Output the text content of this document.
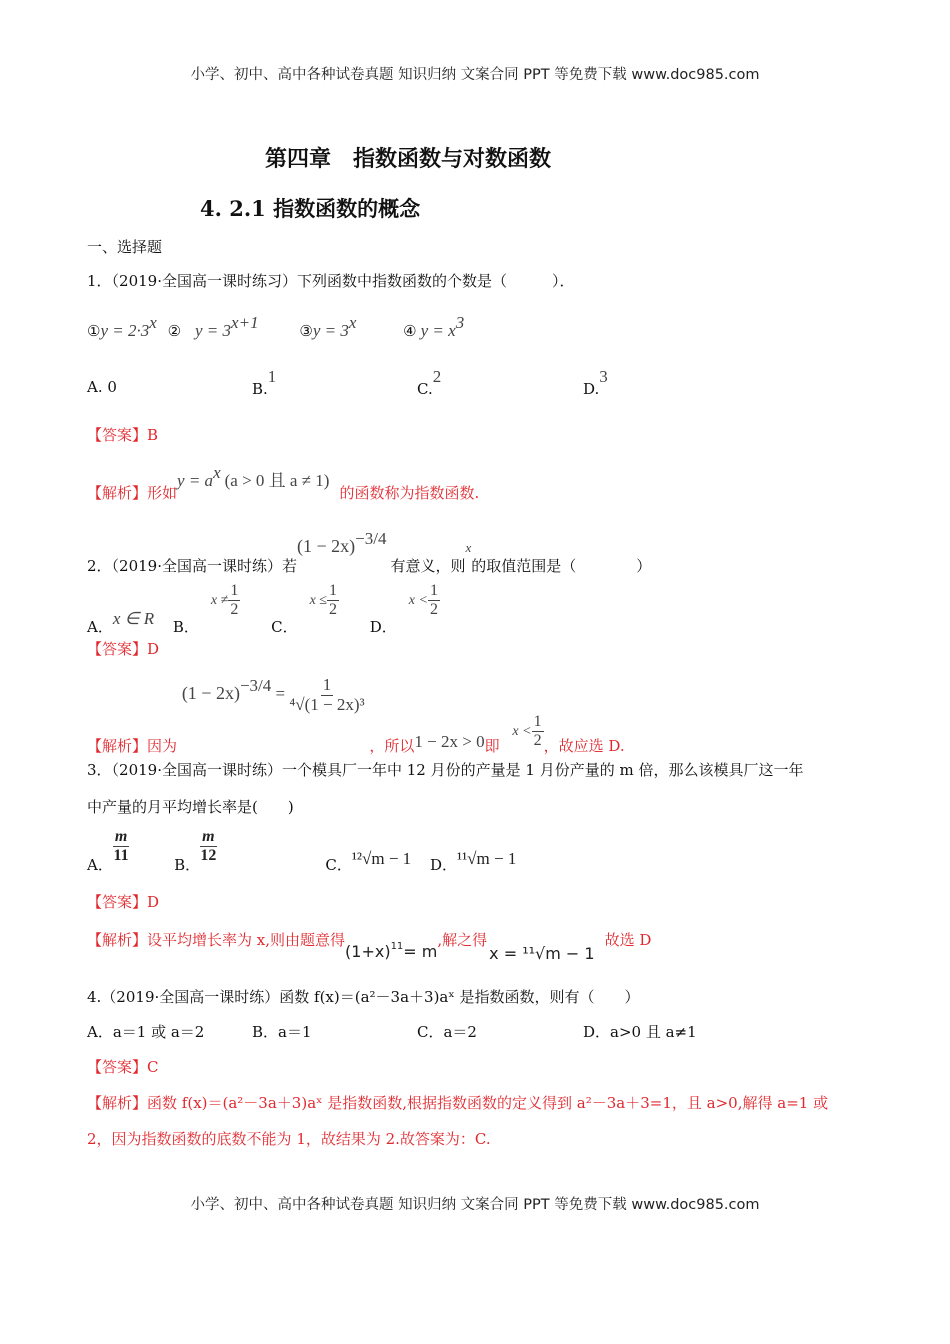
小学、初中、高中各种试卷真题 知识归纳 文案合同 PPT 等免费下载 www.doc985.com
第四章　指数函数与对数函数
4. 2.1 指数函数的概念
一、选择题
1．（2019·全国高一课时练习）下列函数中指数函数的个数是（　　　）．
①y = $2\cdot 3^x$ ② $y = 3^{x+1}$	③y = $3^x$	④ $y = x^3$
A. 0	B.1
C.2
D.3
【答案】B
【解析】形如$y = a^x$ (a > 0 且 a ≠ 1)的函数称为指数函数.
2．（2019·全国高一课时练）若$(1 - 2x)^{-3/4}$有意义，则x的取值范围是（　　　　）
A．x ∈ R B．$x \ne \frac{1}{2}$
C．$x \le \frac{1}{2}$
D．$x < \frac{1}{2}$
【答案】D
【解析】因为 $(1 - 2x)^{-3/4} = \frac{1}{\text{⁴√(1 − 2x)³}}$
，所以1 − 2x > 0即 $x < \frac{1}{2}$ ，故应选 D.
3．（2019·全国高一课时练）一个模具厂一年中 12 月份的产量是 1 月份产量的 m 倍，那么该模具厂这一年
中产量的月平均增长率是(　　)
A．
$\frac{m}{11}$
B．
$\frac{m}{12}$
C．¹²√m − 1 D．¹¹√m − 1
【答案】D
【解析】设平均增长率为 x,则由题意得$(1+x)^{11}= m$,解之得x = ¹¹√m − 1故选 D
4.（2019·全国高一课时练）函数 f(x)＝(a²－3a＋3)aˣ 是指数函数，则有（　　）
A．a＝1 或 a＝2	B．a＝1	C．a＝2	D．a>0 且 a≠1
【答案】C
【解析】函数 f(x)＝(a²－3a＋3)aˣ 是指数函数,根据指数函数的定义得到 a²－3a＋3=1，且 a>0,解得 a=1 或
2，因为指数函数的底数不能为 1，故结果为 2.故答案为：C.
小学、初中、高中各种试卷真题 知识归纳 文案合同 PPT 等免费下载 www.doc985.com
